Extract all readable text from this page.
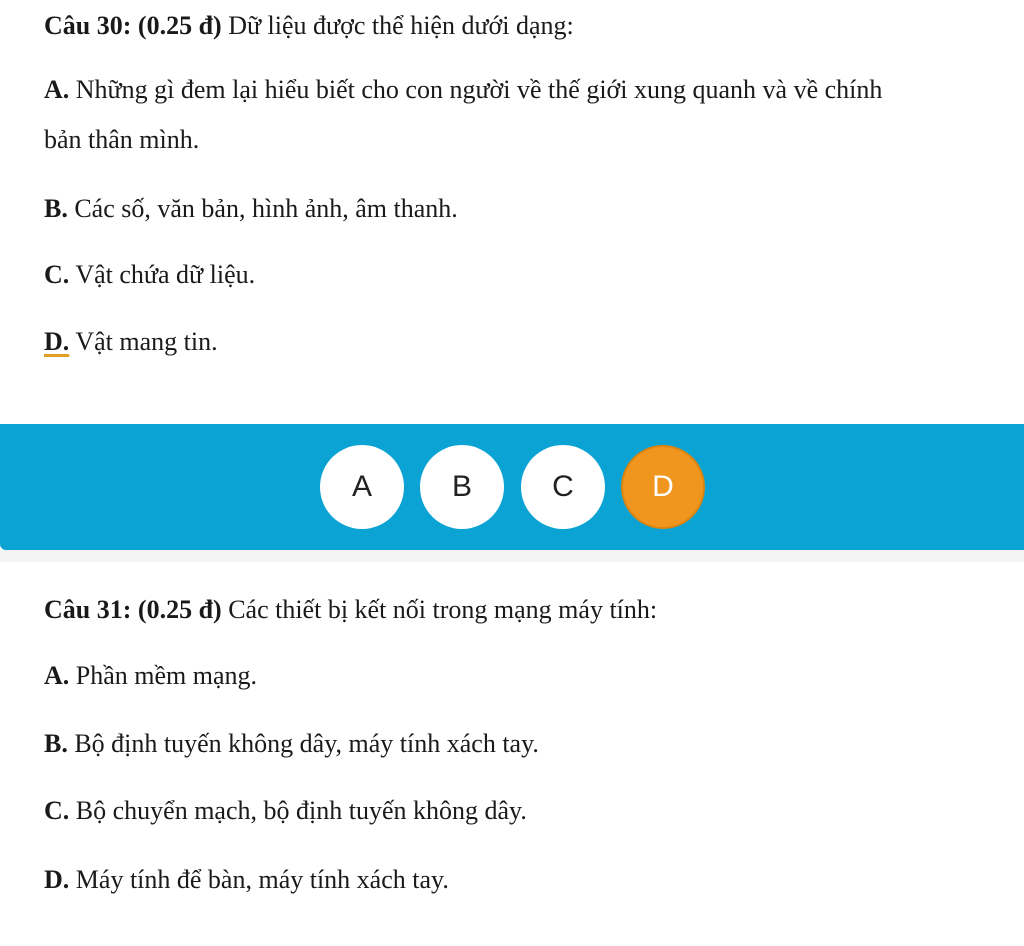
Câu 30: (0.25 đ) Dữ liệu được thể hiện dưới dạng:
A. Những gì đem lại hiểu biết cho con người về thế giới xung quanh và về chính
bản thân mình.
B. Các số, văn bản, hình ảnh, âm thanh.
C. Vật chứa dữ liệu.
D. Vật mang tin.
A	B	C	D
Câu 31: (0.25 đ) Các thiết bị kết nối trong mạng máy tính:
A. Phần mềm mạng.
B. Bộ định tuyến không dây, máy tính xách tay.
C. Bộ chuyển mạch, bộ định tuyến không dây.
D. Máy tính để bàn, máy tính xách tay.
